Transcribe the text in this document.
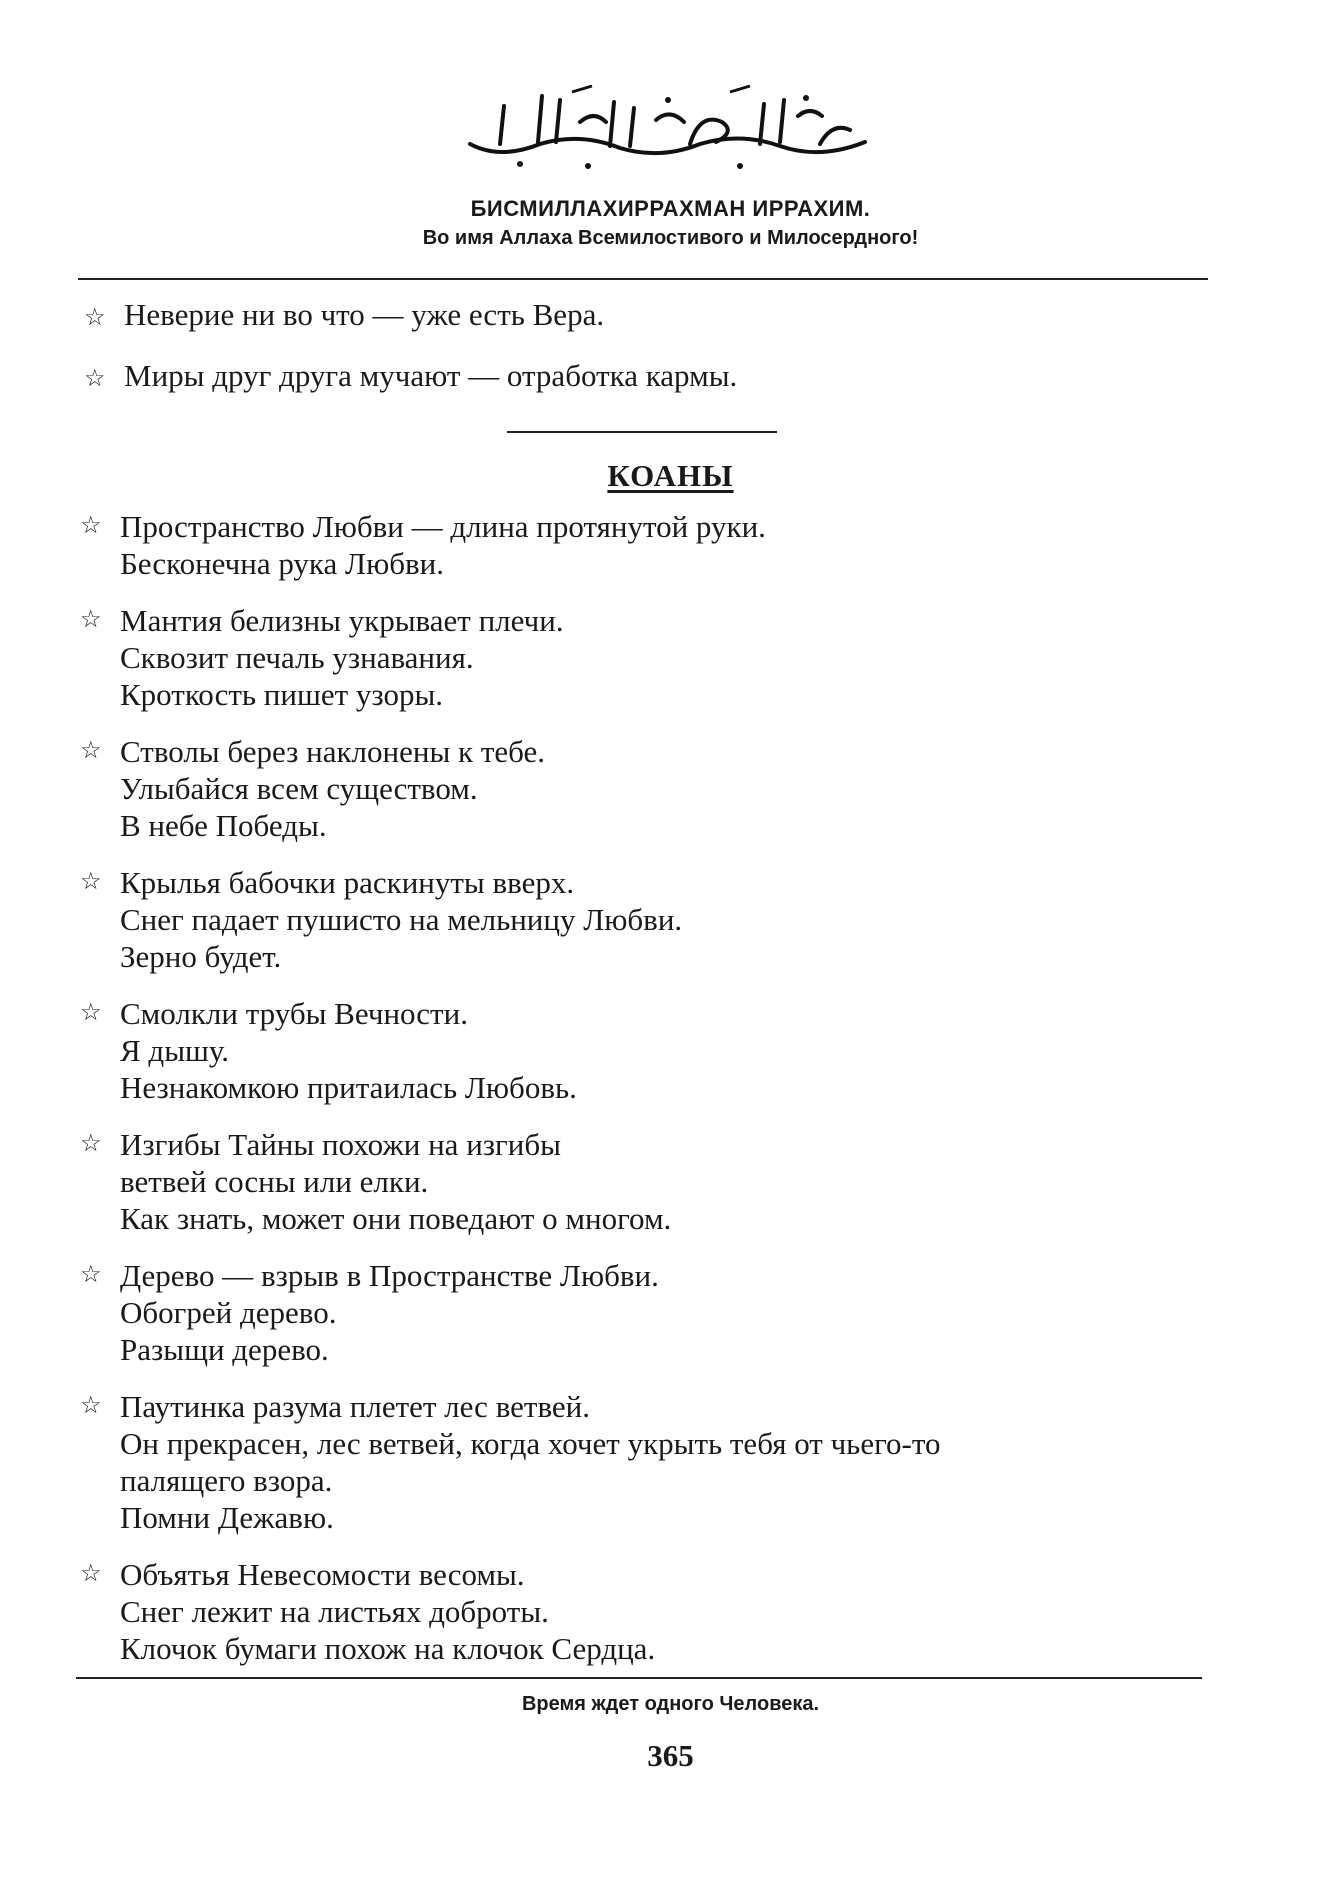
БИСМИЛЛАХИРРАХМАН ИРРАХИМ.
Во имя Аллаха Всемилостивого и Милосердного!
☆ Неверие ни во что — уже есть Вера.
☆ Миры друг друга мучают — отработка кармы.
КОАНЫ
☆ Пространство Любви — длина протянутой руки.
Бесконечна рука Любви.
☆ Мантия белизны укрывает плечи.
Сквозит печаль узнавания.
Кроткость пишет узоры.
☆ Стволы берез наклонены к тебе.
Улыбайся всем существом.
В небе Победы.
☆ Крылья бабочки раскинуты вверх.
Снег падает пушисто на мельницу Любви.
Зерно будет.
☆ Смолкли трубы Вечности.
Я дышу.
Незнакомкою притаилась Любовь.
☆ Изгибы Тайны похожи на изгибы
ветвей сосны или елки.
Как знать, может они поведают о многом.
☆ Дерево — взрыв в Пространстве Любви.
Обогрей дерево.
Разыщи дерево.
☆ Паутинка разума плетет лес ветвей.
Он прекрасен, лес ветвей, когда хочет укрыть тебя от чьего-то
палящего взора.
Помни Дежавю.
☆ Объятья Невесомости весомы.
Снег лежит на листьях доброты.
Клочок бумаги похож на клочок Сердца.
Время ждет одного Человека.
365
